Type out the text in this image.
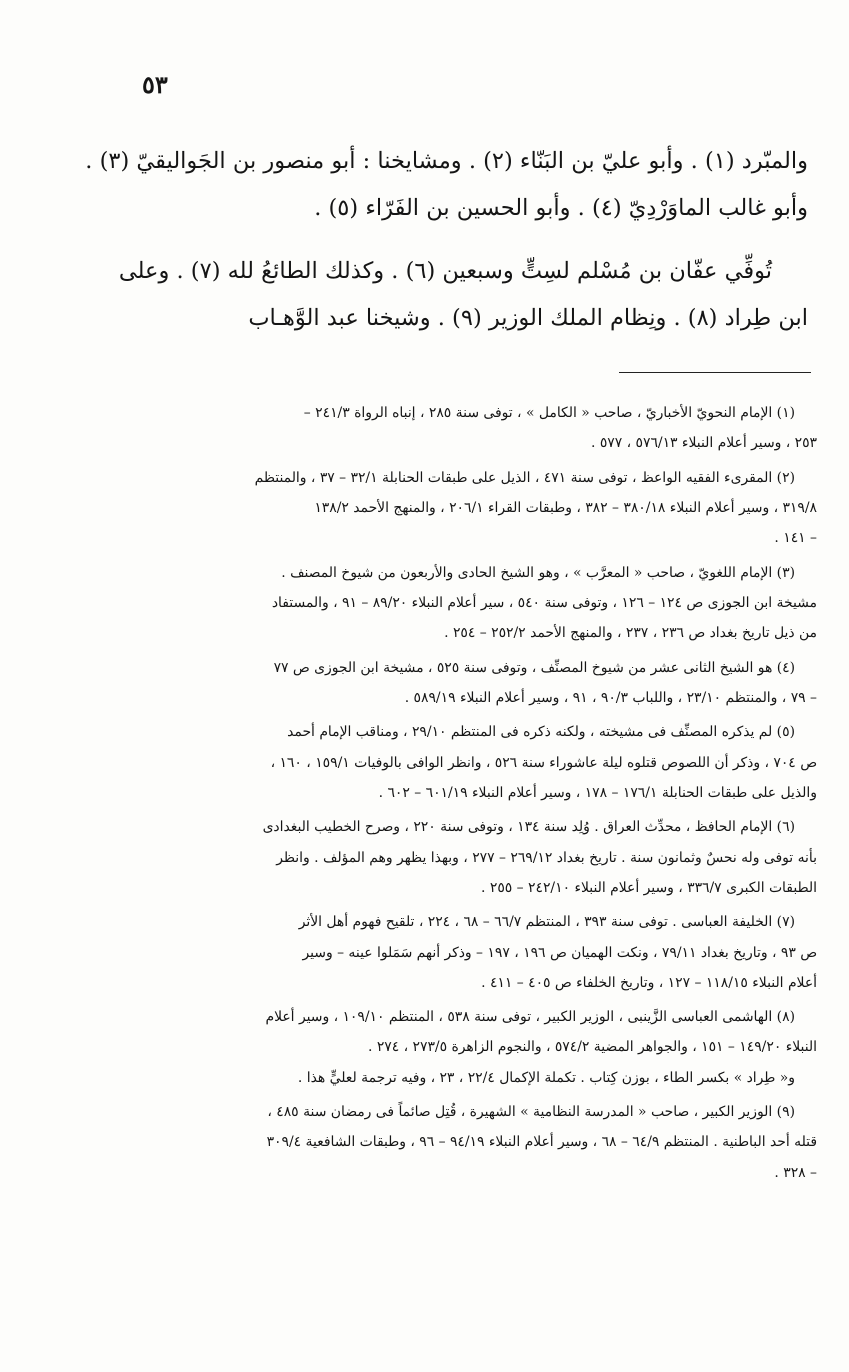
٥٣
والمبّرد (١) . وأبو عليّ بن البَنّاء (٢) . ومشايخنا : أبو منصور بن الجَواليقيّ (٣) .
وأبو غالب الماوَرْدِيّ (٤) . وأبو الحسين بن الفَرّاء (٥) .
تُوفِّي عفّان بن مُسْلم لسِتٍّ وسبعين (٦) . وكذلك الطائعُ لله (٧) . وعلى
ابن طِراد (٨) . ونِظام الملك الوزير (٩) . وشيخنا عبد الوَّهـاب
(١) الإمام النحويّ الأخباريّ ، صاحب « الكامل » ، توفى سنة ٢٨٥ ، إنباه الرواة ٢٤١/٣ –
٢٥٣ ، وسير أعلام النبلاء ٥٧٦/١٣ ، ٥٧٧ .
(٢) المقرىء الفقيه الواعظ ، توفى سنة ٤٧١ ، الذيل على طبقات الحنابلة ٣٢/١ – ٣٧ ، والمنتظم
٣١٩/٨ ، وسير أعلام النبلاء ٣٨٠/١٨ – ٣٨٢ ، وطبقات القراء ٢٠٦/١ ، والمنهج الأحمد ١٣٨/٢
– ١٤١ .
(٣) الإمام اللغويّ ، صاحب « المعرَّب » ، وهو الشيخ الحادى والأربعون من شيوخ المصنف .
مشيخة ابن الجوزى ص ١٢٤ – ١٢٦ ، وتوفى سنة ٥٤٠ ، سير أعلام النبلاء ٨٩/٢٠ – ٩١ ، والمستفاد
من ذيل تاريخ بغداد ص ٢٣٦ ، ٢٣٧ ، والمنهج الأحمد ٢٥٢/٢ – ٢٥٤ .
(٤) هو الشيخ الثانى عشر من شيوخ المصنِّف ، وتوفى سنة ٥٢٥ ، مشيخة ابن الجوزى ص ٧٧
– ٧٩ ، والمنتظم ٢٣/١٠ ، واللباب ٩٠/٣ ، ٩١ ، وسير أعلام النبلاء ٥٨٩/١٩ .
(٥) لم يذكره المصنِّف فى مشيخته ، ولكنه ذكره فى المنتظم ٢٩/١٠ ، ومناقب الإمام أحمد
ص ٧٠٤ ، وذكر أن اللصوص قتلوه ليلة عاشوراء سنة ٥٢٦ ، وانظر الوافى بالوفيات ١٥٩/١ ، ١٦٠ ،
والذيل على طبقات الحنابلة ١٧٦/١ – ١٧٨ ، وسير أعلام النبلاء ٦٠١/١٩ – ٦٠٢ .
(٦) الإمام الحافظ ، محدِّث العراق . وُلِد سنة ١٣٤ ، وتوفى سنة ٢٢٠ ، وصرح الخطيب البغدادى
بأنه توفى وله نحسٌ وثمانون سنة . تاريخ بغداد ٢٦٩/١٢ – ٢٧٧ ، وبهذا يظهر وهم المؤلف . وانظر
الطبقات الكبرى ٣٣٦/٧ ، وسير أعلام النبلاء ٢٤٢/١٠ – ٢٥٥ .
(٧) الخليفة العباسى . توفى سنة ٣٩٣ ، المنتظم ٦٦/٧ – ٦٨ ، ٢٢٤ ، تلقيح فهوم أهل الأثر
ص ٩٣ ، وتاريخ بغداد ٧٩/١١ ، ونكت الهميان ص ١٩٦ ، ١٩٧ – وذكر أنهم سَمَلوا عينه – وسير
أعلام النبلاء ١١٨/١٥ – ١٢٧ ، وتاريخ الخلفاء ص ٤٠٥ – ٤١١ .
(٨) الهاشمى العباسى الزَّينبى ، الوزير الكبير ، توفى سنة ٥٣٨ ، المنتظم ١٠٩/١٠ ، وسير أعلام
النبلاء ١٤٩/٢٠ – ١٥١ ، والجواهر المضية ٥٧٤/٢ ، والنجوم الزاهرة ٢٧٣/٥ ، ٢٧٤ .
و« طِراد » بكسر الطاء ، بوزن كِتاب . تكملة الإكمال ٢٢/٤ ، ٢٣ ، وفيه ترجمة لعليٍّ هذا .
(٩) الوزير الكبير ، صاحب « المدرسة النظامية » الشهيرة ، قُتِل صائماً فى رمضان سنة ٤٨٥ ،
قتله أحد الباطنية . المنتظم ٦٤/٩ – ٦٨ ، وسير أعلام النبلاء ٩٤/١٩ – ٩٦ ، وطبقات الشافعية ٣٠٩/٤
– ٣٢٨ .
